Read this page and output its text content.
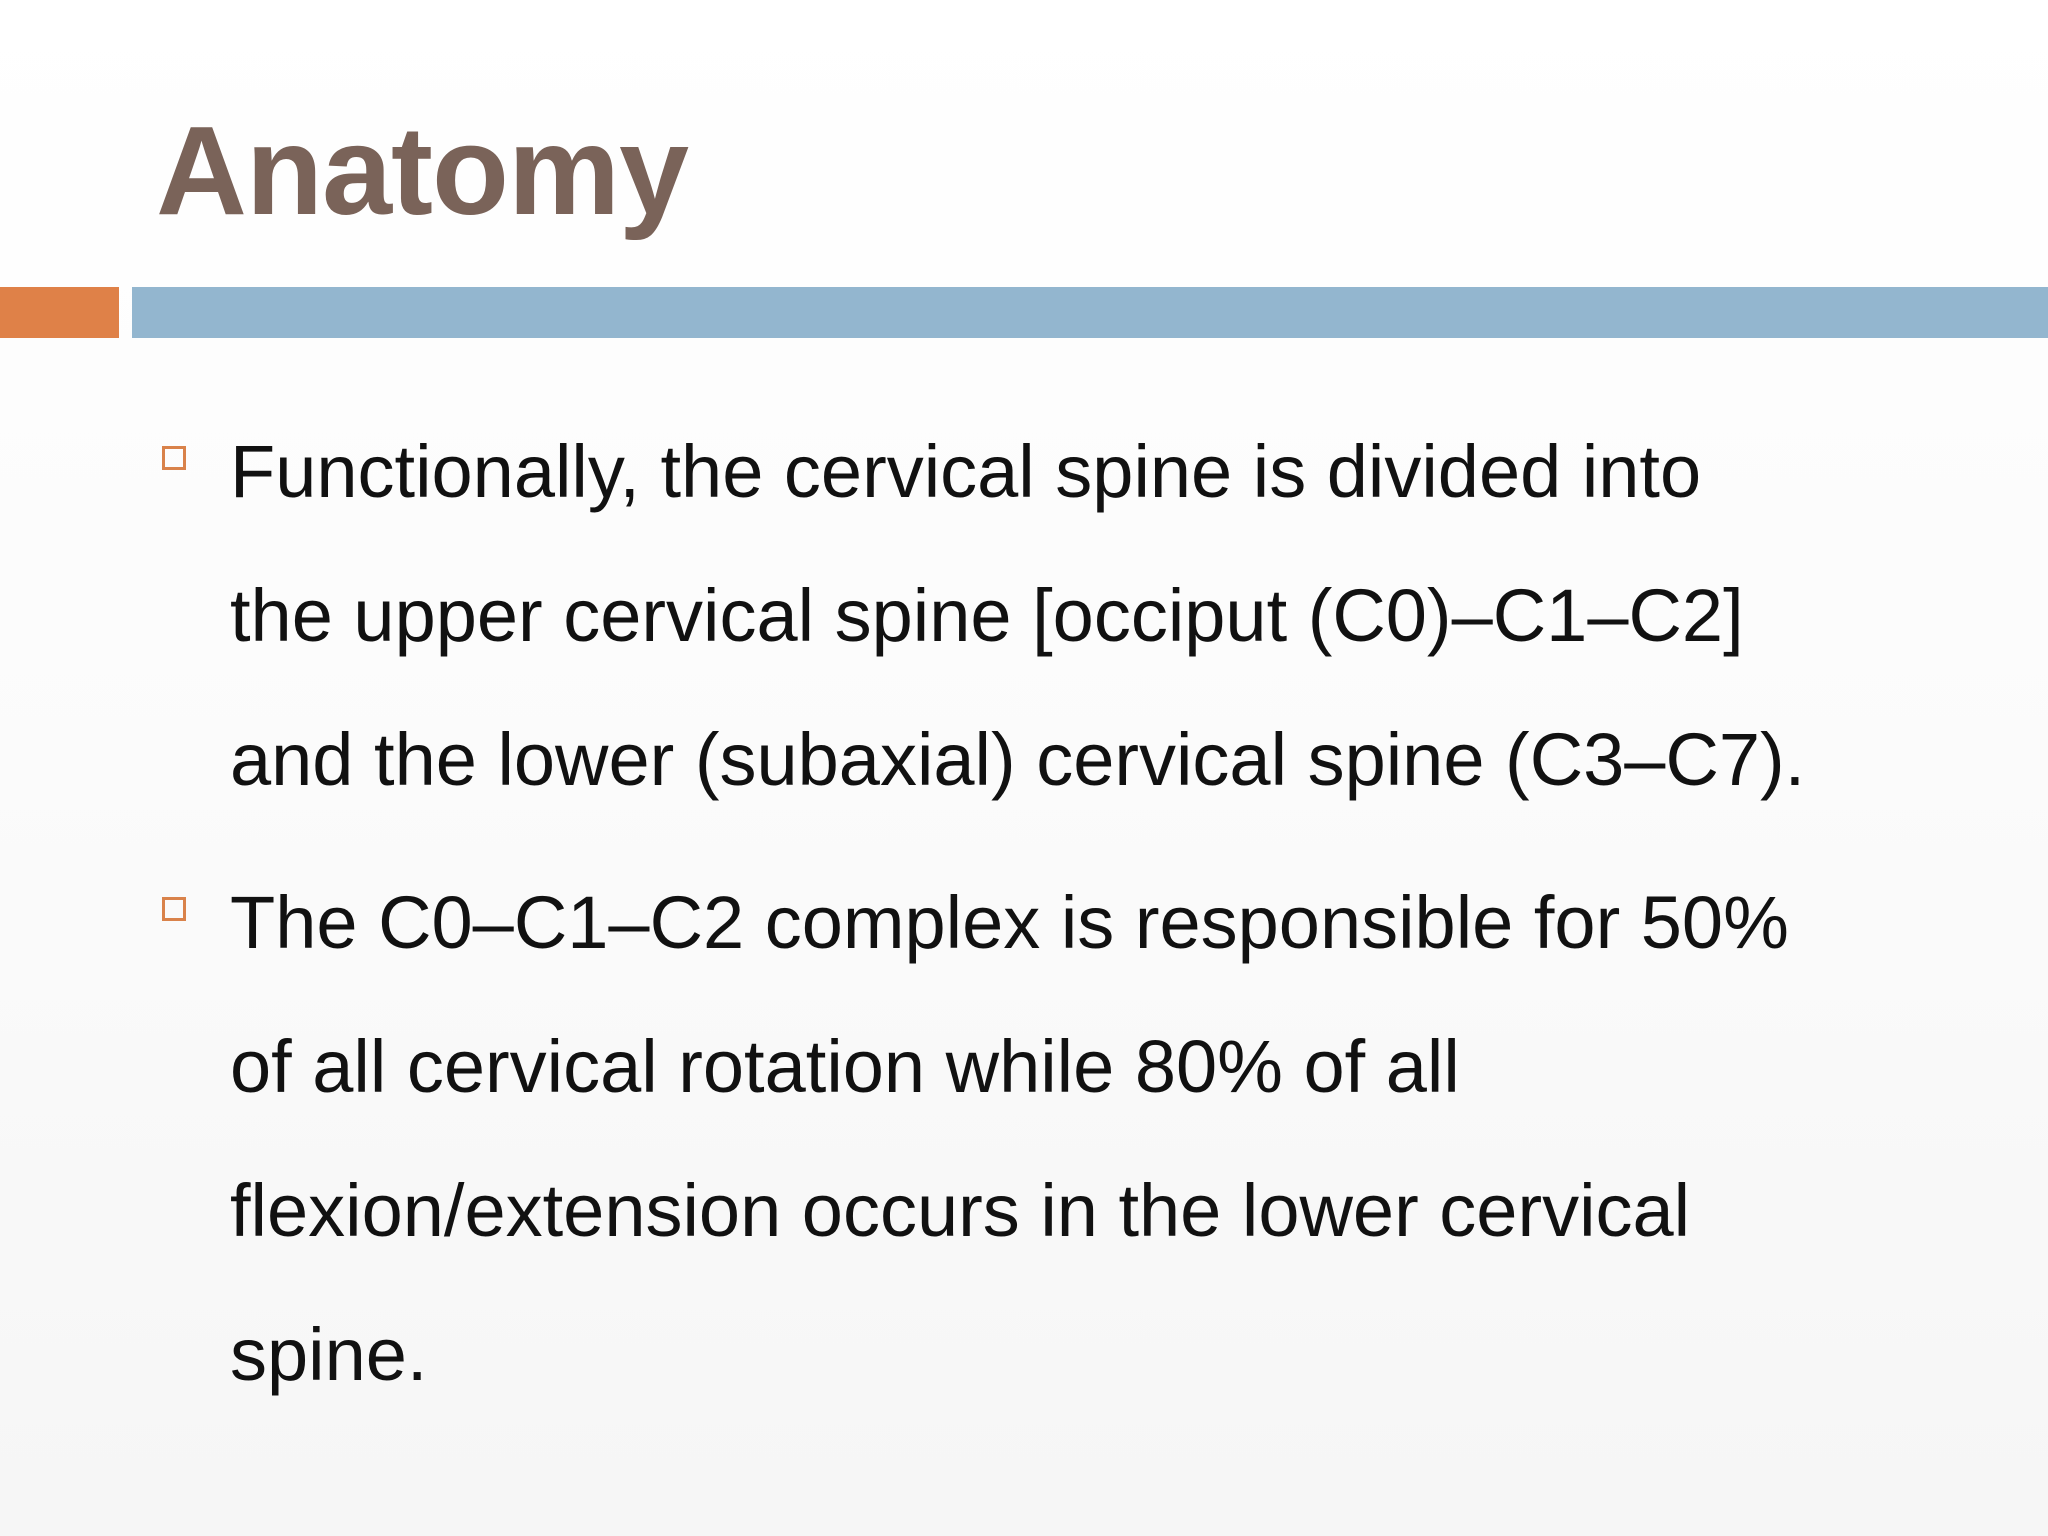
Anatomy
Functionally, the cervical spine is divided into
the upper cervical spine [occiput (C0)–C1–C2]
and the lower (subaxial) cervical spine (C3–C7).
The C0–C1–C2 complex is responsible for 50%
of all cervical rotation while 80% of all
flexion/extension occurs in the lower cervical
spine.
